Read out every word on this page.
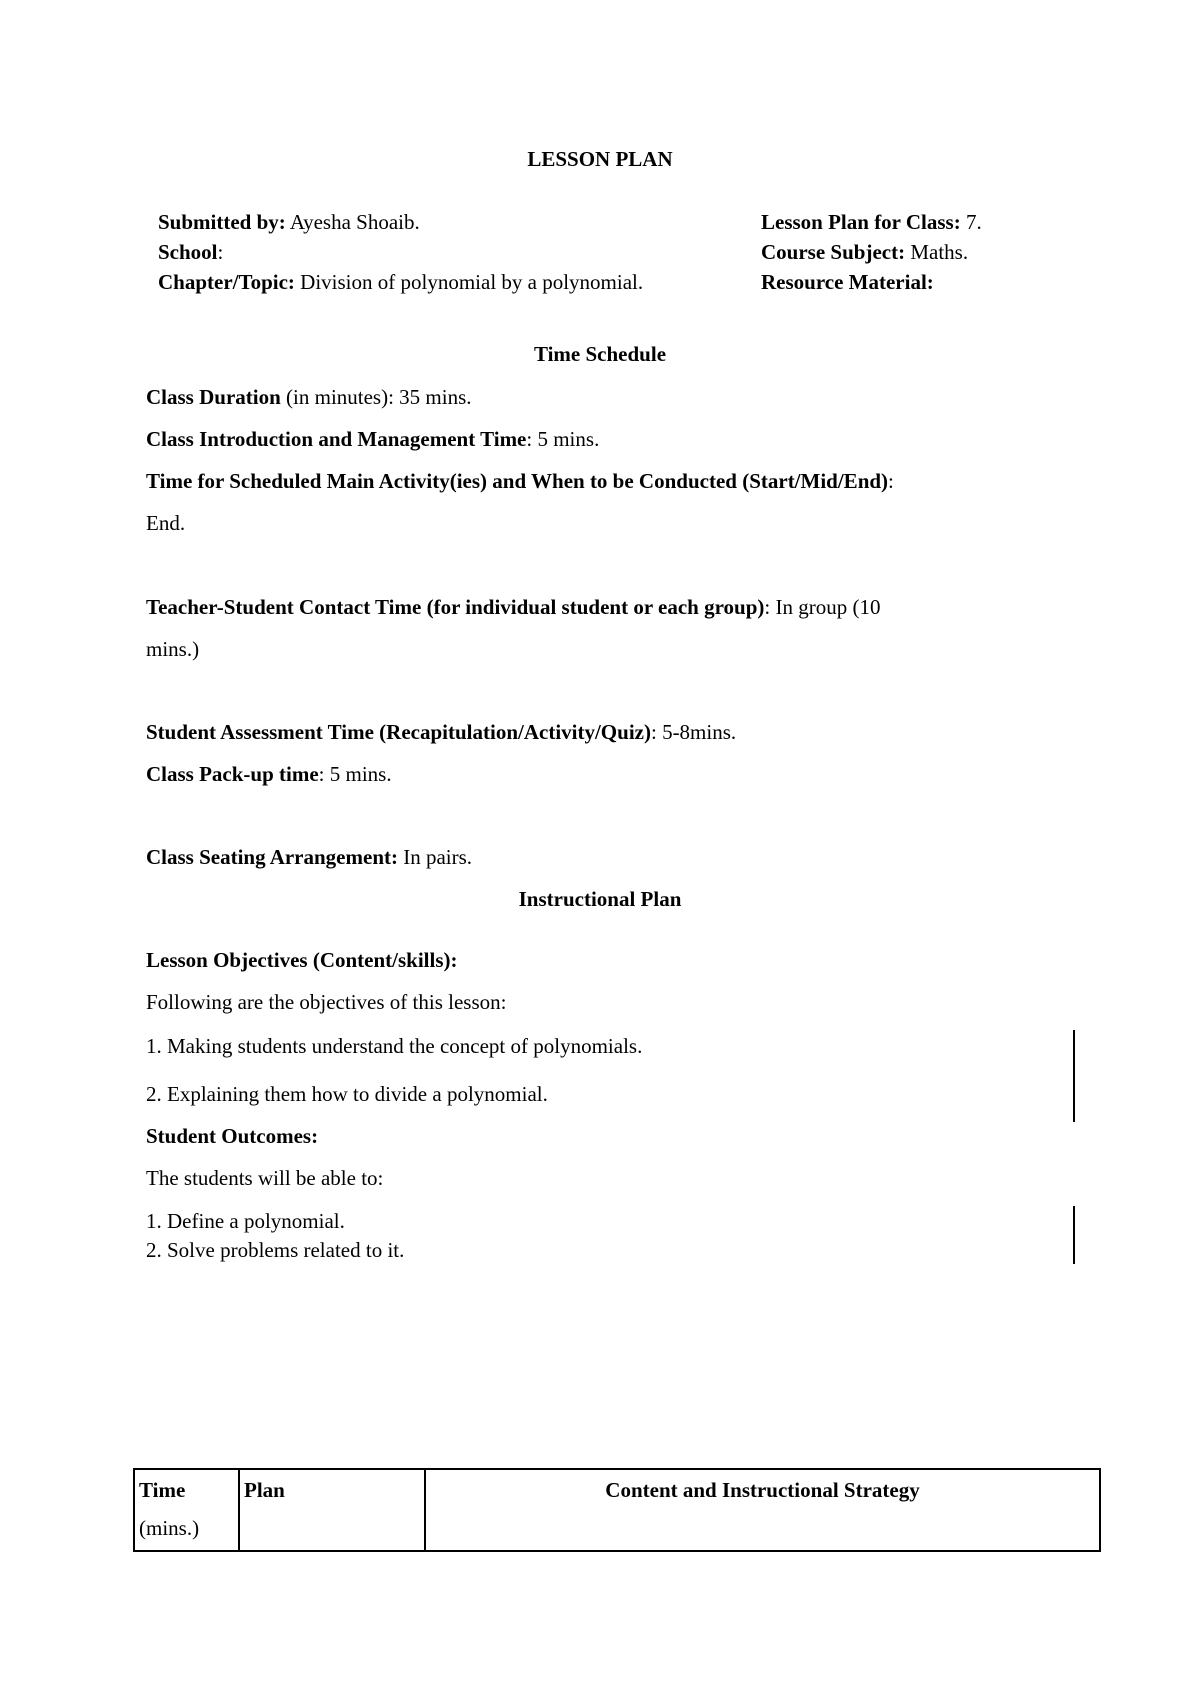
LESSON PLAN
Submitted by: Ayesha Shoaib.
School:
Chapter/Topic: Division of polynomial by a polynomial.
Lesson Plan for Class: 7.
Course Subject: Maths.
Resource Material:
Time Schedule
Class Duration (in minutes): 35 mins.
Class Introduction and Management Time: 5 mins.
Time for Scheduled Main Activity(ies) and When to be Conducted (Start/Mid/End):
End.
Teacher-Student Contact Time (for individual student or each group): In group (10
mins.)
Student Assessment Time (Recapitulation/Activity/Quiz): 5-8mins.
Class Pack-up time: 5 mins.
Class Seating Arrangement: In pairs.
Instructional Plan
Lesson Objectives (Content/skills):
Following are the objectives of this lesson:
1. Making students understand the concept of polynomials.
2. Explaining them how to divide a polynomial.
Student Outcomes:
The students will be able to:
1. Define a polynomial.
2. Solve problems related to it.
Time
(mins.)	Plan	Content and Instructional Strategy
